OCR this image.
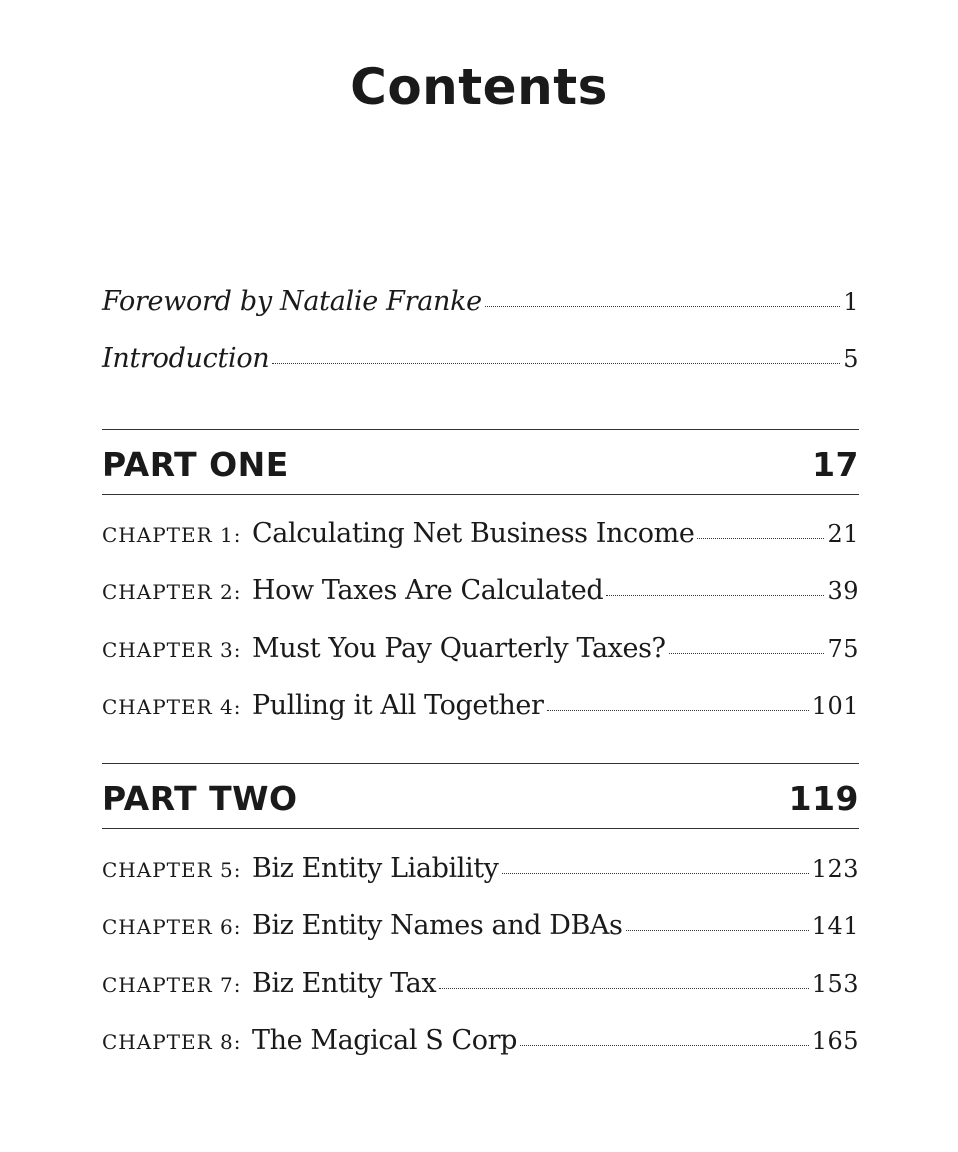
Contents
Foreword by Natalie Franke	1
Introduction	5
PART ONE	17
CHAPTER 1: Calculating Net Business Income	21
CHAPTER 2: How Taxes Are Calculated	39
CHAPTER 3: Must You Pay Quarterly Taxes?	75
CHAPTER 4: Pulling it All Together	101
PART TWO	119
CHAPTER 5: Biz Entity Liability	123
CHAPTER 6: Biz Entity Names and DBAs	141
CHAPTER 7: Biz Entity Tax	153
CHAPTER 8: The Magical S Corp	165
